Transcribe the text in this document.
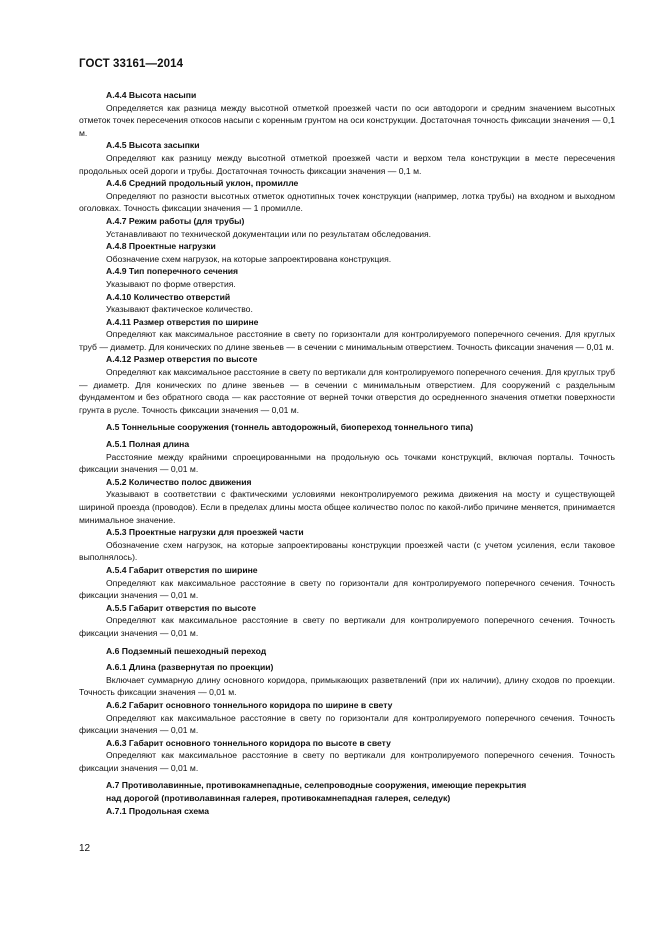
ГОСТ 33161—2014
А.4.4 Высота насыпи
Определяется как разница между высотной отметкой проезжей части по оси автодороги и средним значением высотных отметок точек пересечения откосов насыпи с коренным грунтом на оси конструкции. Достаточная точность фиксации значения — 0,1 м.
А.4.5 Высота засыпки
Определяют как разницу между высотной отметкой проезжей части и верхом тела конструкции в месте пересечения продольных осей дороги и трубы. Достаточная точность фиксации значения — 0,1 м.
А.4.6 Средний продольный уклон, промилле
Определяют по разности высотных отметок однотипных точек конструкции (например, лотка трубы) на входном и выходном оголовках. Точность фиксации значения — 1 промилле.
А.4.7 Режим работы (для трубы)
Устанавливают по технической документации или по результатам обследования.
А.4.8 Проектные нагрузки
Обозначение схем нагрузок, на которые запроектирована конструкция.
А.4.9 Тип поперечного сечения
Указывают по форме отверстия.
А.4.10 Количество отверстий
Указывают фактическое количество.
А.4.11 Размер отверстия по ширине
Определяют как максимальное расстояние в свету по горизонтали для контролируемого поперечного сечения. Для круглых труб — диаметр. Для конических по длине звеньев — в сечении с минимальным отверстием. Точность фиксации значения — 0,01 м.
А.4.12 Размер отверстия по высоте
Определяют как максимальное расстояние в свету по вертикали для контролируемого поперечного сечения. Для круглых труб — диаметр. Для конических по длине звеньев — в сечении с минимальным отверстием. Для сооружений с раздельным фундаментом и без обратного свода — как расстояние от верней точки отверстия до осредненного значения отметки поверхности грунта в русле. Точность фиксации значения — 0,01 м.
А.5 Тоннельные сооружения (тоннель автодорожный, биопереход тоннельного типа)
А.5.1 Полная длина
Расстояние между крайними спроецированными на продольную ось точками конструкций, включая порталы. Точность фиксации значения — 0,01 м.
А.5.2 Количество полос движения
Указывают в соответствии с фактическими условиями неконтролируемого режима движения на мосту и существующей шириной проезда (проводов). Если в пределах длины моста общее количество полос по какой-либо причине меняется, принимается минимальное значение.
А.5.3 Проектные нагрузки для проезжей части
Обозначение схем нагрузок, на которые запроектированы конструкции проезжей части (с учетом усиления, если таковое выполнялось).
А.5.4 Габарит отверстия по ширине
Определяют как максимальное расстояние в свету по горизонтали для контролируемого поперечного сечения. Точность фиксации значения — 0,01 м.
А.5.5 Габарит отверстия по высоте
Определяют как максимальное расстояние в свету по вертикали для контролируемого поперечного сечения. Точность фиксации значения — 0,01 м.
А.6 Подземный пешеходный переход
А.6.1 Длина (развернутая по проекции)
Включает суммарную длину основного коридора, примыкающих разветвлений (при их наличии), длину сходов по проекции. Точность фиксации значения — 0,01 м.
А.6.2 Габарит основного тоннельного коридора по ширине в свету
Определяют как максимальное расстояние в свету по горизонтали для контролируемого поперечного сечения. Точность фиксации значения — 0,01 м.
А.6.3 Габарит основного тоннельного коридора по высоте в свету
Определяют как максимальное расстояние в свету по вертикали для контролируемого поперечного сечения. Точность фиксации значения — 0,01 м.
А.7 Противолавинные, противокамнепадные, селепроводные сооружения, имеющие перекрытия
над дорогой (противолавинная галерея, противокамнепадная галерея, селедук)
А.7.1 Продольная схема
12
